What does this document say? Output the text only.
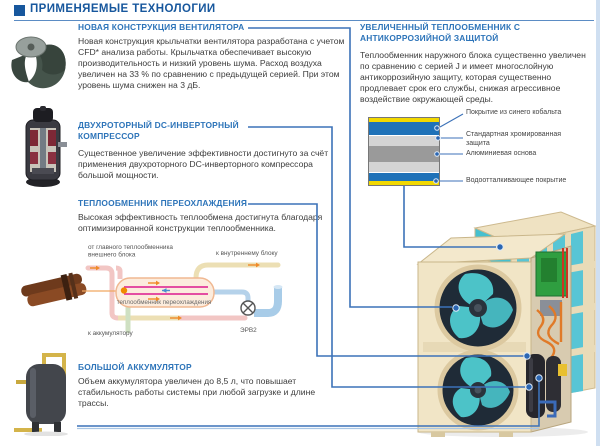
ПРИМЕНЯЕМЫЕ ТЕХНОЛОГИИ
НОВАЯ КОНСТРУКЦИЯ ВЕНТИЛЯТОРА
Новая конструкция крыльчатки вентилятора разработана с учетом CFD* анализа работы. Крыльчатка обеспечивает высокую производительность и низкий уровень шума. Расход воздуха увеличен на 33 % по сравнению с предыдущей серией. При этом уровень шума снижен на 3 дБ.
ДВУХРОТОРНЫЙ DC-ИНВЕРТОРНЫЙ КОМПРЕССОР
Существенное увеличение эффективности достигнуто за счёт применения двухроторного DC-инверторного компрессора большой мощности.
ТЕПЛООБМЕННИК ПЕРЕОХЛАЖДЕНИЯ
Высокая эффективность теплообмена достигнута благодаря оптимизированной конструкции теплообменника.
от главного теплообменника
внешнего блока	к внутреннему блоку
теплообменник переохлаждения
к аккумулятору	ЭРВ2
БОЛЬШОЙ АККУМУЛЯТОР
Объем аккумулятора увеличен до 8,5 л, что повышает стабильность работы системы при любой загрузке и длине трассы.
УВЕЛИЧЕННЫЙ ТЕПЛООБМЕННИК С АНТИКОРРОЗИЙНОЙ ЗАЩИТОЙ
Теплообменник наружного блока существенно увеличен по сравнению с серией J и имеет многослойную антикоррозийную защиту, которая существенно продлевает срок его службы, снижая агрессивное воздействие окружающей среды.
Покрытие из синего кобальта
Стандартная хромированная защита
Алюминиевая основа
Водоотталкивающее покрытие
